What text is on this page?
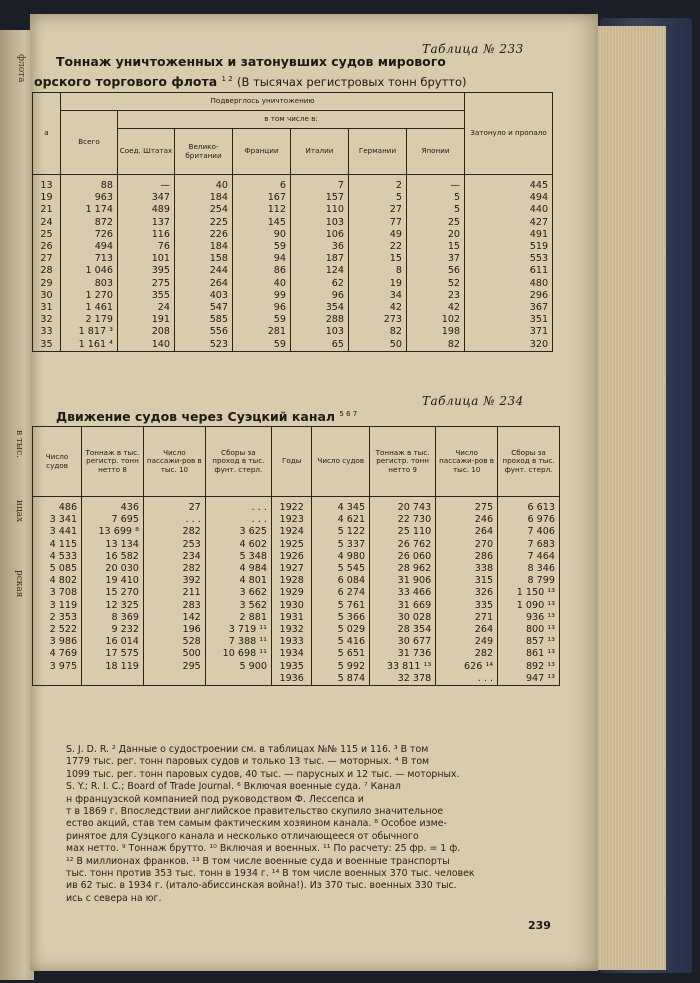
флота
в тыс.
ицах
рская
Таблица № 233
Тоннаж уничтоженных и затонувших судов мирового
орского торгового флота $^{1 2}$ (В тысячах регистровых тонн брутто)
а	Подверглось уничтожению							Затонуло и пропало
	Всего	в том числе в:						
		Соед. Штатах	Велико-британии	Франции	Италии	Германии	Японии	
13	88	—	40	6	7	2	—	445
19	963	347	184	167	157	5	5	494
21	1 174	489	254	112	110	27	5	440
24	872	137	225	145	103	77	25	427
25	726	116	226	90	106	49	20	491
26	494	76	184	59	36	22	15	519
27	713	101	158	94	187	15	37	553
28	1 046	395	244	86	124	8	56	611
29	803	275	264	40	62	19	52	480
30	1 270	355	403	99	96	34	23	296
31	1 461	24	547	96	354	42	42	367
32	2 179	191	585	59	288	273	102	351
33	1 817 ³	208	556	281	103	82	198	371
35	1 161 ⁴	140	523	59	65	50	82	320
Таблица № 234
Движение судов через Суэцкий канал $^{5 6 7}$
Число судов	Тоннаж в тыс. регистр. тонн нетто 8	Число пассажи-ров в тыс. 10	Сборы за проход в тыс. фунт. стерл.	Годы	Число судов	Тоннаж в тыс. регистр. тонн нетто 9	Число пассажи-ров в тыс. 10	Сборы за проход в тыс. фунт. стерл.
486	436	27	. . .	1922	4 345	20 743	275	6 613
3 341	7 695	. . .	. . .	1923	4 621	22 730	246	6 976
3 441	13 699 ⁸	282	3 625	1924	5 122	25 110	264	7 406
4 115	13 134	253	4 602	1925	5 337	26 762	270	7 683
4 533	16 582	234	5 348	1926	4 980	26 060	286	7 464
5 085	20 030	282	4 984	1927	5 545	28 962	338	8 346
4 802	19 410	392	4 801	1928	6 084	31 906	315	8 799
3 708	15 270	211	3 662	1929	6 274	33 466	326	1 150 ¹³
3 119	12 325	283	3 562	1930	5 761	31 669	335	1 090 ¹³
2 353	8 369	142	2 881	1931	5 366	30 028	271	936 ¹³
2 522	9 232	196	3 719 ¹¹	1932	5 029	28 354	264	800 ¹³
3 986	16 014	528	7 388 ¹¹	1933	5 416	30 677	249	857 ¹³
4 769	17 575	500	10 698 ¹¹	1934	5 651	31 736	282	861 ¹³
3 975	18 119	295	5 900	1935	5 992	33 811 ¹³	626 ¹⁴	892 ¹³
				1936	5 874	32 378	. . .	947 ¹³

S. J. D. R. ² Данные о судостроении см. в таблицах №№ 115 и 116. ³ В том

1779 тыс. рег. тонн паровых судов и только 13 тыс. — моторных. ⁴ В том

1099 тыс. рег. тонн паровых судов, 40 тыс. — парусных и 12 тыс. — моторных.

S. Y.; R. I. C.; Board of Trade Journal. ⁶ Включая военные суда. ⁷ Канал

н французской компанией под руководством Ф. Лессепса и

т в 1869 г. Впоследствии английское правительство скупило значительное

ество акций, став тем самым фактическим хозяином канала. ⁸ Особое изме-

ринятое для Суэцкого канала и несколько отличающееся от обычного

мах нетто. ⁹ Тоннаж брутто. ¹⁰ Включая и военных. ¹¹ По расчету: 25 фр. = 1 ф.

¹² В миллионах франков. ¹³ В том числе военные суда и военные транспорты

тыс. тонн против 353 тыс. тонн в 1934 г. ¹⁴ В том числе военных 370 тыс. человек

ив 62 тыс. в 1934 г. (итало-абиссинская война!). Из 370 тыс. военных 330 тыс.

ись с севера на юг.

239
